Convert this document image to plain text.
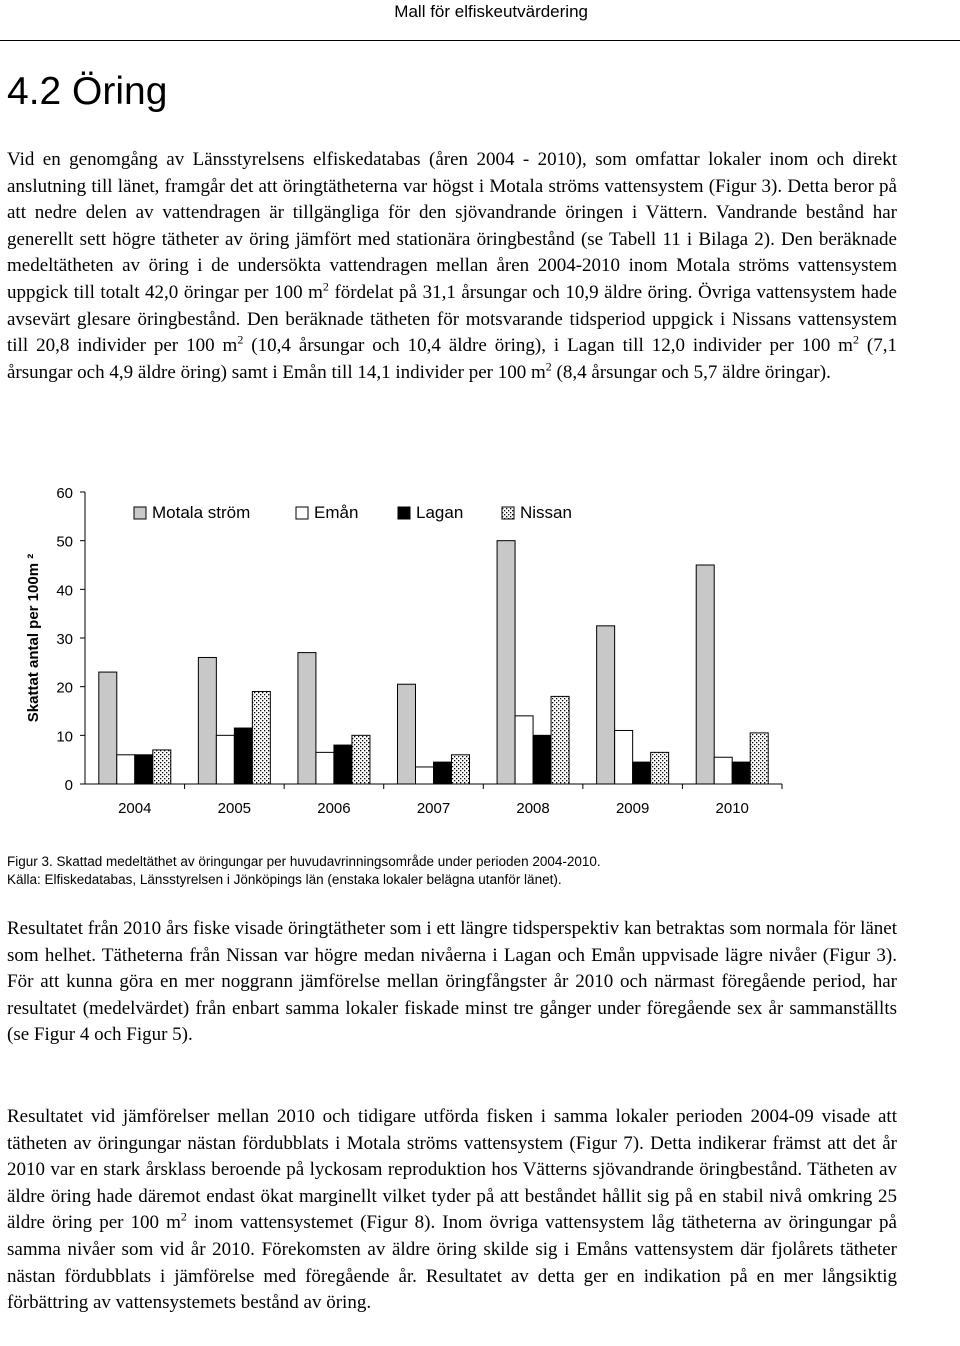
Mall för elfiskeutvärdering
4.2 Öring

Vid en genomgång av Länsstyrelsens elfiskedatabas (åren 2004 - 2010), som omfattar lokaler inom och direkt anslutning till länet, framgår det att öringtätheterna var högst i Motala ströms vattensystem (Figur 3). Detta beror på att nedre delen av vattendragen är tillgängliga för den sjövandrande öringen i Vättern. Vandrande bestånd har generellt sett högre tätheter av öring jämfört med stationära öringbestånd (se Tabell 11 i Bilaga 2). Den beräknade medeltätheten av öring i de undersökta vattendragen mellan åren 2004-2010 inom Motala ströms vattensystem uppgick till totalt 42,0 öringar per 100 $m^2$ fördelat på 31,1 årsungar och 10,9 äldre öring. Övriga vattensystem hade avsevärt glesare öringbestånd. Den beräknade tätheten för motsvarande tidsperiod uppgick i Nissans vattensystem till 20,8 individer per 100 $m^2$ (10,4 årsungar och 10,4 äldre öring), i Lagan till 12,0 individer per 100 $m^2$ (7,1 årsungar och 4,9 äldre öring) samt i Emån till 14,1 individer per 100 $m^2$ (8,4 årsungar och 5,7 äldre öringar).

0
10
20
30
40
50
60
Skattat antal per 100m ²
2004	2005	2006	2007	2008	2009	2010
Motala ström	Emån	Lagan	Nissan

Figur 3. Skattad medeltäthet av öringungar per huvudavrinningsområde under perioden 2004-2010.
Källa: Elfiskedatabas, Länsstyrelsen i Jönköpings län (enstaka lokaler belägna utanför länet).

Resultatet från 2010 års fiske visade öringtätheter som i ett längre tidsperspektiv kan betraktas som normala för länet som helhet. Tätheterna från Nissan var högre medan nivåerna i Lagan och Emån uppvisade lägre nivåer (Figur 3). För att kunna göra en mer noggrann jämförelse mellan öringfångster år 2010 och närmast föregående period, har resultatet (medelvärdet) från enbart samma lokaler fiskade minst tre gånger under föregående sex år sammanställts (se Figur 4 och Figur 5).

Resultatet vid jämförelser mellan 2010 och tidigare utförda fisken i samma lokaler perioden 2004-09 visade att tätheten av öringungar nästan fördubblats i Motala ströms vattensystem (Figur 7). Detta indikerar främst att det år 2010 var en stark årsklass beroende på lyckosam reproduktion hos Vätterns sjövandrande öringbestånd. Tätheten av äldre öring hade däremot endast ökat marginellt vilket tyder på att beståndet hållit sig på en stabil nivå omkring 25 äldre öring per 100 $m^2$ inom vattensystemet (Figur 8). Inom övriga vattensystem låg tätheterna av öringungar på samma nivåer som vid år 2010. Förekomsten av äldre öring skilde sig i Emåns vattensystem där fjolårets tätheter nästan fördubblats i jämförelse med föregående år. Resultatet av detta ger en indikation på en mer långsiktig förbättring av vattensystemets bestånd av öring.
